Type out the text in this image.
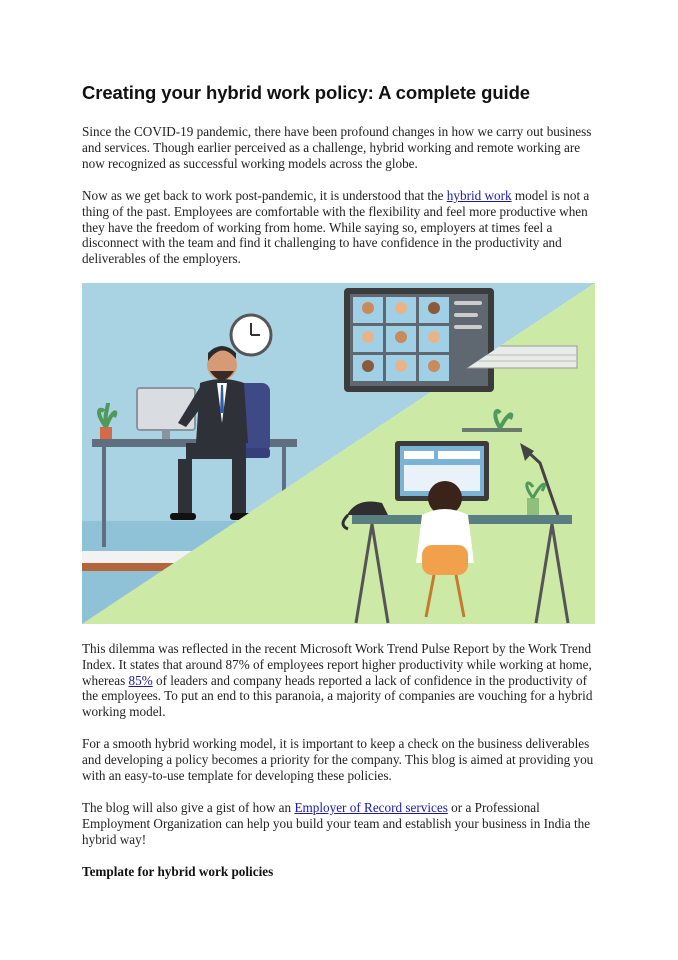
Creating your hybrid work policy: A complete guide

Since the COVID-19 pandemic, there have been profound changes in how we carry out business and services. Though earlier perceived as a challenge, hybrid working and remote working are now recognized as successful working models across the globe.

Now as we get back to work post-pandemic, it is understood that the hybrid work model is not a thing of the past. Employees are comfortable with the flexibility and feel more productive when they have the freedom of working from home. While saying so, employers at times feel a disconnect with the team and find it challenging to have confidence in the productivity and deliverables of the employers.

This dilemma was reflected in the recent Microsoft Work Trend Pulse Report by the Work Trend Index. It states that around 87% of employees report higher productivity while working at home, whereas 85% of leaders and company heads reported a lack of confidence in the productivity of the employees. To put an end to this paranoia, a majority of companies are vouching for a hybrid working model.

For a smooth hybrid working model, it is important to keep a check on the business deliverables and developing a policy becomes a priority for the company. This blog is aimed at providing you with an easy-to-use template for developing these policies.

The blog will also give a gist of how an Employer of Record services or a Professional Employment Organization can help you build your team and establish your business in India the hybrid way!

Template for hybrid work policies
